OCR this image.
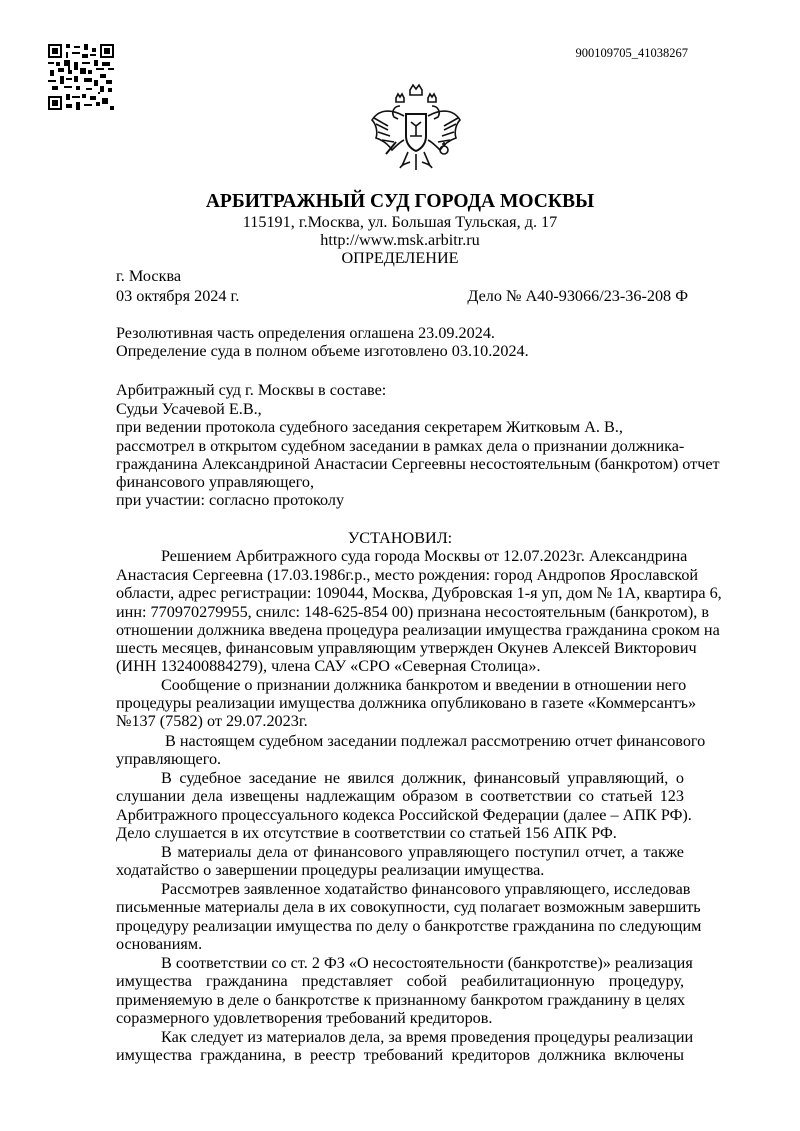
900109705_41038267
АРБИТРАЖНЫЙ СУД ГОРОДА МОСКВЫ
115191, г.Москва, ул. Большая Тульская, д. 17
http://www.msk.arbitr.ru
ОПРЕДЕЛЕНИЕ
г. Москва
03 октября 2024 г.	Дело № А40-93066/23-36-208 Ф
Резолютивная часть определения оглашена 23.09.2024.
Определение суда в полном объеме изготовлено 03.10.2024.
Арбитражный суд г. Москвы в составе:
Судьи Усачевой Е.В.,
при ведении протокола судебного заседания секретарем Житковым А. В.,
рассмотрел в открытом судебном заседании в рамках дела о признании должника-
гражданина Александриной Анастасии Сергеевны несостоятельным (банкротом) отчет
финансового управляющего,
при участии: согласно протоколу
УСТАНОВИЛ:
Решением Арбитражного суда города Москвы от 12.07.2023г. Александрина
Анастасия Сергеевна (17.03.1986г.р., место рождения: город Андропов Ярославской
области, адрес регистрации: 109044, Москва, Дубровская 1-я уп, дом № 1А, квартира 6,
инн: 770970279955, снилс: 148-625-854 00) признана несостоятельным (банкротом), в
отношении должника введена процедура реализации имущества гражданина сроком на
шесть месяцев, финансовым управляющим утвержден Окунев Алексей Викторович
(ИНН 132400884279), члена САУ «СРО «Северная Столица».
Сообщение о признании должника банкротом и введении в отношении него
процедуры реализации имущества должника опубликовано в газете «Коммерсантъ»
№137 (7582) от 29.07.2023г.
В настоящем судебном заседании подлежал рассмотрению отчет финансового
управляющего.
В судебное заседание не явился должник, финансовый управляющий, о
слушании дела извещены надлежащим образом в соответствии со статьей 123
Арбитражного процессуального кодекса Российской Федерации (далее – АПК РФ).
Дело слушается в их отсутствие в соответствии со статьей 156 АПК РФ.
В материалы дела от финансового управляющего поступил отчет, а также
ходатайство о завершении процедуры реализации имущества.
Рассмотрев заявленное ходатайство финансового управляющего, исследовав
письменные материалы дела в их совокупности, суд полагает возможным завершить
процедуру реализации имущества по делу о банкротстве гражданина по следующим
основаниям.
В соответствии со ст. 2 ФЗ «О несостоятельности (банкротстве)» реализация
имущества гражданина представляет собой реабилитационную процедуру,
применяемую в деле о банкротстве к признанному банкротом гражданину в целях
соразмерного удовлетворения требований кредиторов.
Как следует из материалов дела, за время проведения процедуры реализации
имущества гражданина, в реестр требований кредиторов должника включены
